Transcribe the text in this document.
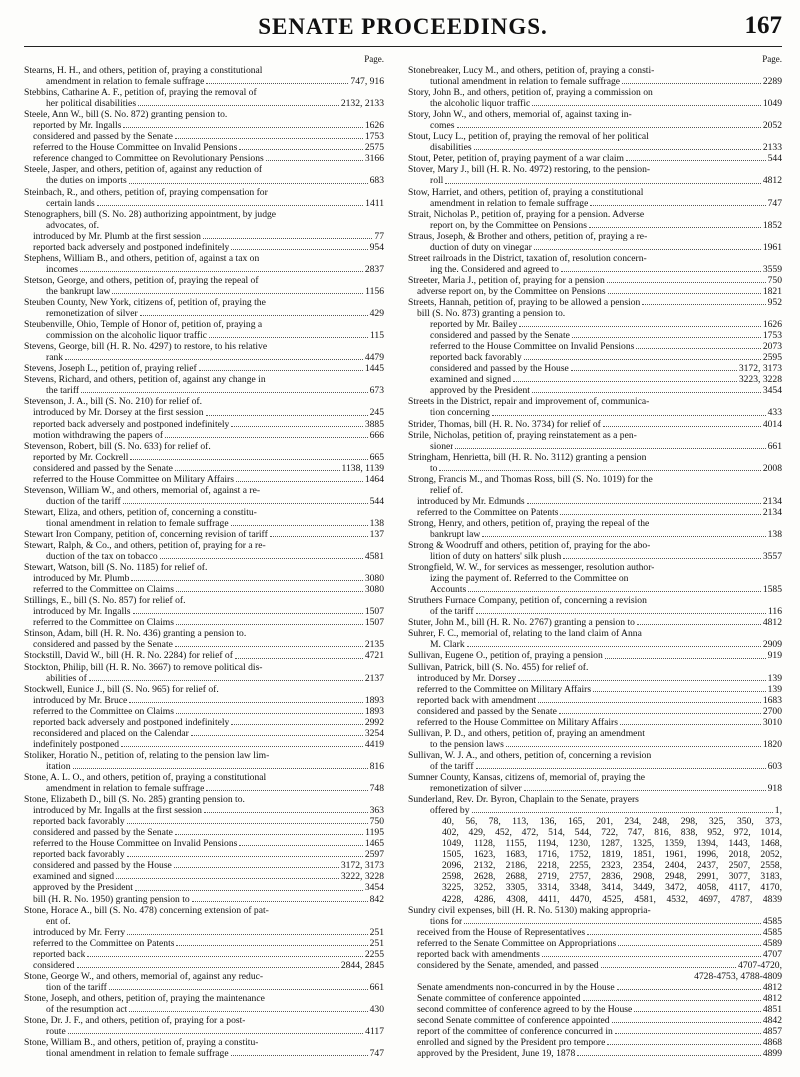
SENATE PROCEEDINGS.	167
Page.
Stearns, H. H., and others, petition of, praying a constitutional
amendment in relation to female suffrage	747, 916
Stebbins, Catharine A. F., petition of, praying the removal of
her political disabilities	2132, 2133
Steele, Ann W., bill (S. No. 872) granting pension to.
reported by Mr. Ingalls	1626
considered and passed by the Senate	1753
referred to the House Committee on Invalid Pensions	2575
reference changed to Committee on Revolutionary Pensions	3166
Steele, Jasper, and others, petition of, against any reduction of
the duties on imports	683
Steinbach, R., and others, petition of, praying compensation for
certain lands	1411
Stenographers, bill (S. No. 28) authorizing appointment, by judge
advocates, of.
introduced by Mr. Plumb at the first session	77
reported back adversely and postponed indefinitely	954
Stephens, William B., and others, petition of, against a tax on
incomes	2837
Stetson, George, and others, petition of, praying the repeal of
the bankrupt law	1156
Steuben County, New York, citizens of, petition of, praying the
remonetization of silver	429
Steubenville, Ohio, Temple of Honor of, petition of, praying a
commission on the alcoholic liquor traffic	115
Stevens, George, bill (H. R. No. 4297) to restore, to his relative
rank	4479
Stevens, Joseph L., petition of, praying relief	1445
Stevens, Richard, and others, petition of, against any change in
the tariff	673
Stevenson, J. A., bill (S. No. 210) for relief of.
introduced by Mr. Dorsey at the first session	245
reported back adversely and postponed indefinitely	3885
motion withdrawing the papers of	666
Stevenson, Robert, bill (S. No. 633) for relief of.
reported by Mr. Cockrell	665
considered and passed by the Senate	1138, 1139
referred to the House Committee on Military Affairs	1464
Stevenson, William W., and others, memorial of, against a re-
duction of the tariff	544
Stewart, Eliza, and others, petition of, concerning a constitu-
tional amendment in relation to female suffrage	138
Stewart Iron Company, petition of, concerning revision of tariff	137
Stewart, Ralph, & Co., and others, petition of, praying for a re-
duction of the tax on tobacco	4581
Stewart, Watson, bill (S. No. 1185) for relief of.
introduced by Mr. Plumb	3080
referred to the Committee on Claims	3080
Stillings, E., bill (S. No. 857) for relief of.
introduced by Mr. Ingalls	1507
referred to the Committee on Claims	1507
Stinson, Adam, bill (H. R. No. 436) granting a pension to.
considered and passed by the Senate	2135
Stockstill, David W., bill (H. R. No. 2284) for relief of	4721
Stockton, Philip, bill (H. R. No. 3667) to remove political dis-
abilities of	2137
Stockwell, Eunice J., bill (S. No. 965) for relief of.
introduced by Mr. Bruce	1893
referred to the Committee on Claims	1893
reported back adversely and postponed indefinitely	2992
reconsidered and placed on the Calendar	3254
indefinitely postponed	4419
Stoliker, Horatio N., petition of, relating to the pension law lim-
itation	816
Stone, A. L. O., and others, petition of, praying a constitutional
amendment in relation to female suffrage	748
Stone, Elizabeth D., bill (S. No. 285) granting pension to.
introduced by Mr. Ingalls at the first session	363
reported back favorably	750
considered and passed by the Senate	1195
referred to the House Committee on Invalid Pensions	1465
reported back favorably	2597
considered and passed by the House	3172, 3173
examined and signed	3222, 3228
approved by the President	3454
bill (H. R. No. 1950) granting pension to	842
Stone, Horace A., bill (S. No. 478) concerning extension of pat-
ent of.
introduced by Mr. Ferry	251
referred to the Committee on Patents	251
reported back	2255
considered	2844, 2845
Stone, George W., and others, memorial of, against any reduc-
tion of the tariff	661
Stone, Joseph, and others, petition of, praying the maintenance
of the resumption act	430
Stone, Dr. J. F., and others, petition of, praying for a post-
route	4117
Stone, William B., and others, petition of, praying a constitu-
tional amendment in relation to female suffrage	747
Page.
Stonebreaker, Lucy M., and others, petition of, praying a consti-
tutional amendment in relation to female suffrage	2289
Story, John B., and others, petition of, praying a commission on
the alcoholic liquor traffic	1049
Story, John W., and others, memorial of, against taxing in-
comes	2052
Stout, Lucy L., petition of, praying the removal of her political
disabilities	2133
Stout, Peter, petition of, praying payment of a war claim	544
Stover, Mary J., bill (H. R. No. 4972) restoring, to the pension-
roll	4812
Stow, Harriet, and others, petition of, praying a constitutional
amendment in relation to female suffrage	747
Strait, Nicholas P., petition of, praying for a pension. Adverse
report on, by the Committee on Pensions	1852
Straus, Joseph, & Brother and others, petition of, praying a re-
duction of duty on vinegar	1961
Street railroads in the District, taxation of, resolution concern-
ing the. Considered and agreed to	3559
Streeter, Maria J., petition of, praying for a pension	750
adverse report on, by the Committee on Pensions	1821
Streets, Hannah, petition of, praying to be allowed a pension	952
bill (S. No. 873) granting a pension to.
reported by Mr. Bailey	1626
considered and passed by the Senate	1753
referred to the House Committee on Invalid Pensions	2073
reported back favorably	2595
considered and passed by the House	3172, 3173
examined and signed	3223, 3228
approved by the President	3454
Streets in the District, repair and improvement of, communica-
tion concerning	433
Strider, Thomas, bill (H. R. No. 3734) for relief of	4014
Strile, Nicholas, petition of, praying reinstatement as a pen-
sioner	661
Stringham, Henrietta, bill (H. R. No. 3112) granting a pension
to	2008
Strong, Francis M., and Thomas Ross, bill (S. No. 1019) for the
relief of.
introduced by Mr. Edmunds	2134
referred to the Committee on Patents	2134
Strong, Henry, and others, petition of, praying the repeal of the
bankrupt law	138
Strong & Woodruff and others, petition of, praying for the abo-
lition of duty on hatters' silk plush	3557
Strongfield, W. W., for services as messenger, resolution author-
izing the payment of. Referred to the Committee on
Accounts	1585
Struthers Furnace Company, petition of, concerning a revision
of the tariff	116
Stuter, John M., bill (H. R. No. 2767) granting a pension to	4812
Suhrer, F. C., memorial of, relating to the land claim of Anna
M. Clark	2909
Sullivan, Eugene O., petition of, praying a pension	919
Sullivan, Patrick, bill (S. No. 455) for relief of.
introduced by Mr. Dorsey	139
referred to the Committee on Military Affairs	139
reported back with amendment	1683
considered and passed by the Senate	2700
referred to the House Committee on Military Affairs	3010
Sullivan, P. D., and others, petition of, praying an amendment
to the pension laws	1820
Sullivan, W. J. A., and others, petition of, concerning a revision
of the tariff	603
Sumner County, Kansas, citizens of, memorial of, praying the
remonetization of silver	918
Sunderland, Rev. Dr. Byron, Chaplain to the Senate, prayers
offered by	1,
40, 56, 78, 113, 136, 165, 201, 234, 248, 298, 325, 350, 373,
402, 429, 452, 472, 514, 544, 722, 747, 816, 838, 952, 972, 1014,
1049, 1128, 1155, 1194, 1230, 1287, 1325, 1359, 1394, 1443, 1468,
1505, 1623, 1683, 1716, 1752, 1819, 1851, 1961, 1996, 2018, 2052,
2096, 2132, 2186, 2218, 2255, 2323, 2354, 2404, 2437, 2507, 2558,
2598, 2628, 2688, 2719, 2757, 2836, 2908, 2948, 2991, 3077, 3183,
3225, 3252, 3305, 3314, 3348, 3414, 3449, 3472, 4058, 4117, 4170,
4228, 4286, 4308, 4411, 4470, 4525, 4581, 4532, 4697, 4787, 4839
Sundry civil expenses, bill (H. R. No. 5130) making appropria-
tions for	4585
received from the House of Representatives	4585
referred to the Senate Committee on Appropriations	4589
reported back with amendments	4707
considered by the Senate, amended, and passed	4707-4720,
4728-4753, 4788-4809
Senate amendments non-concurred in by the House	4812
Senate committee of conference appointed	4812
second committee of conference agreed to by the House	4851
second Senate committee of conference appointed	4842
report of the committee of conference concurred in	4857
enrolled and signed by the President pro tempore	4868
approved by the President, June 19, 1878	4899
